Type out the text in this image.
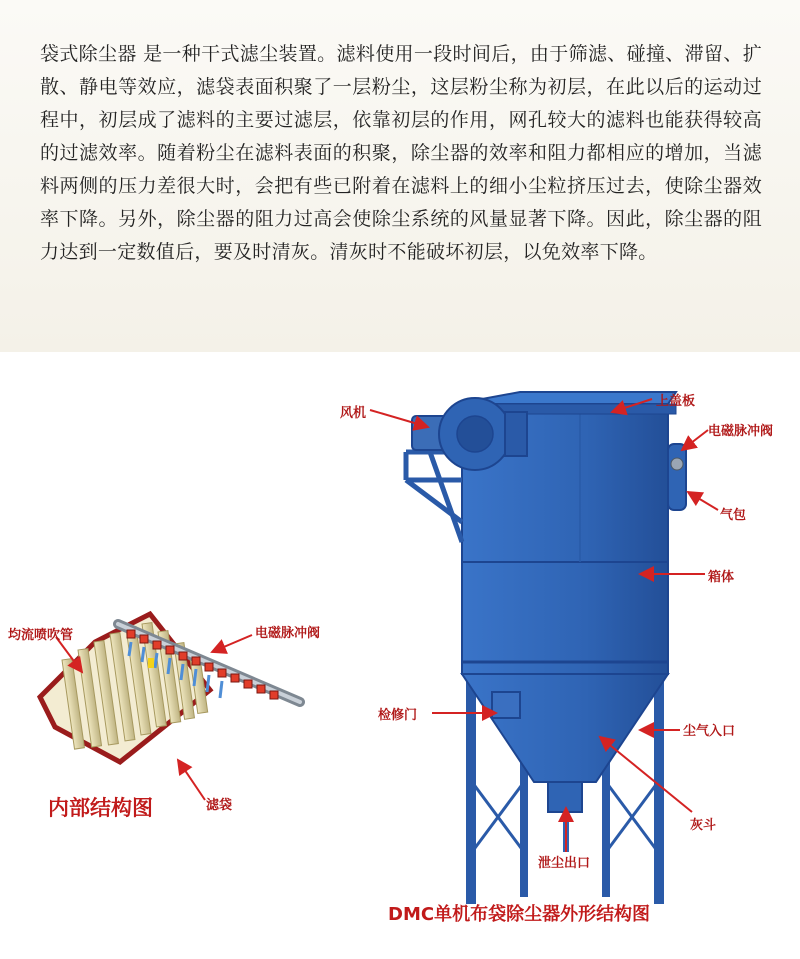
袋式除尘器 是一种干式滤尘装置。滤料使用一段时间后，由于筛滤、碰撞、滞留、扩散、静电等效应，滤袋表面积聚了一层粉尘，这层粉尘称为初层，在此以后的运动过程中，初层成了滤料的主要过滤层，依靠初层的作用，网孔较大的滤料也能获得较高的过滤效率。随着粉尘在滤料表面的积聚，除尘器的效率和阻力都相应的增加，当滤料两侧的压力差很大时，会把有些已附着在滤料上的细小尘粒挤压过去，使除尘器效率下降。另外，除尘器的阻力过高会使除尘系统的风量显著下降。因此，除尘器的阻力达到一定数值后，要及时清灰。清灰时不能破坏初层，以免效率下降。

均流喷吹管	电磁脉冲阀
滤袋
内部结构图
风机
上盖板
电磁脉冲阀
气包
箱体
检修门
尘气入口
灰斗
泄尘出口
DMC单机布袋除尘器外形结构图
